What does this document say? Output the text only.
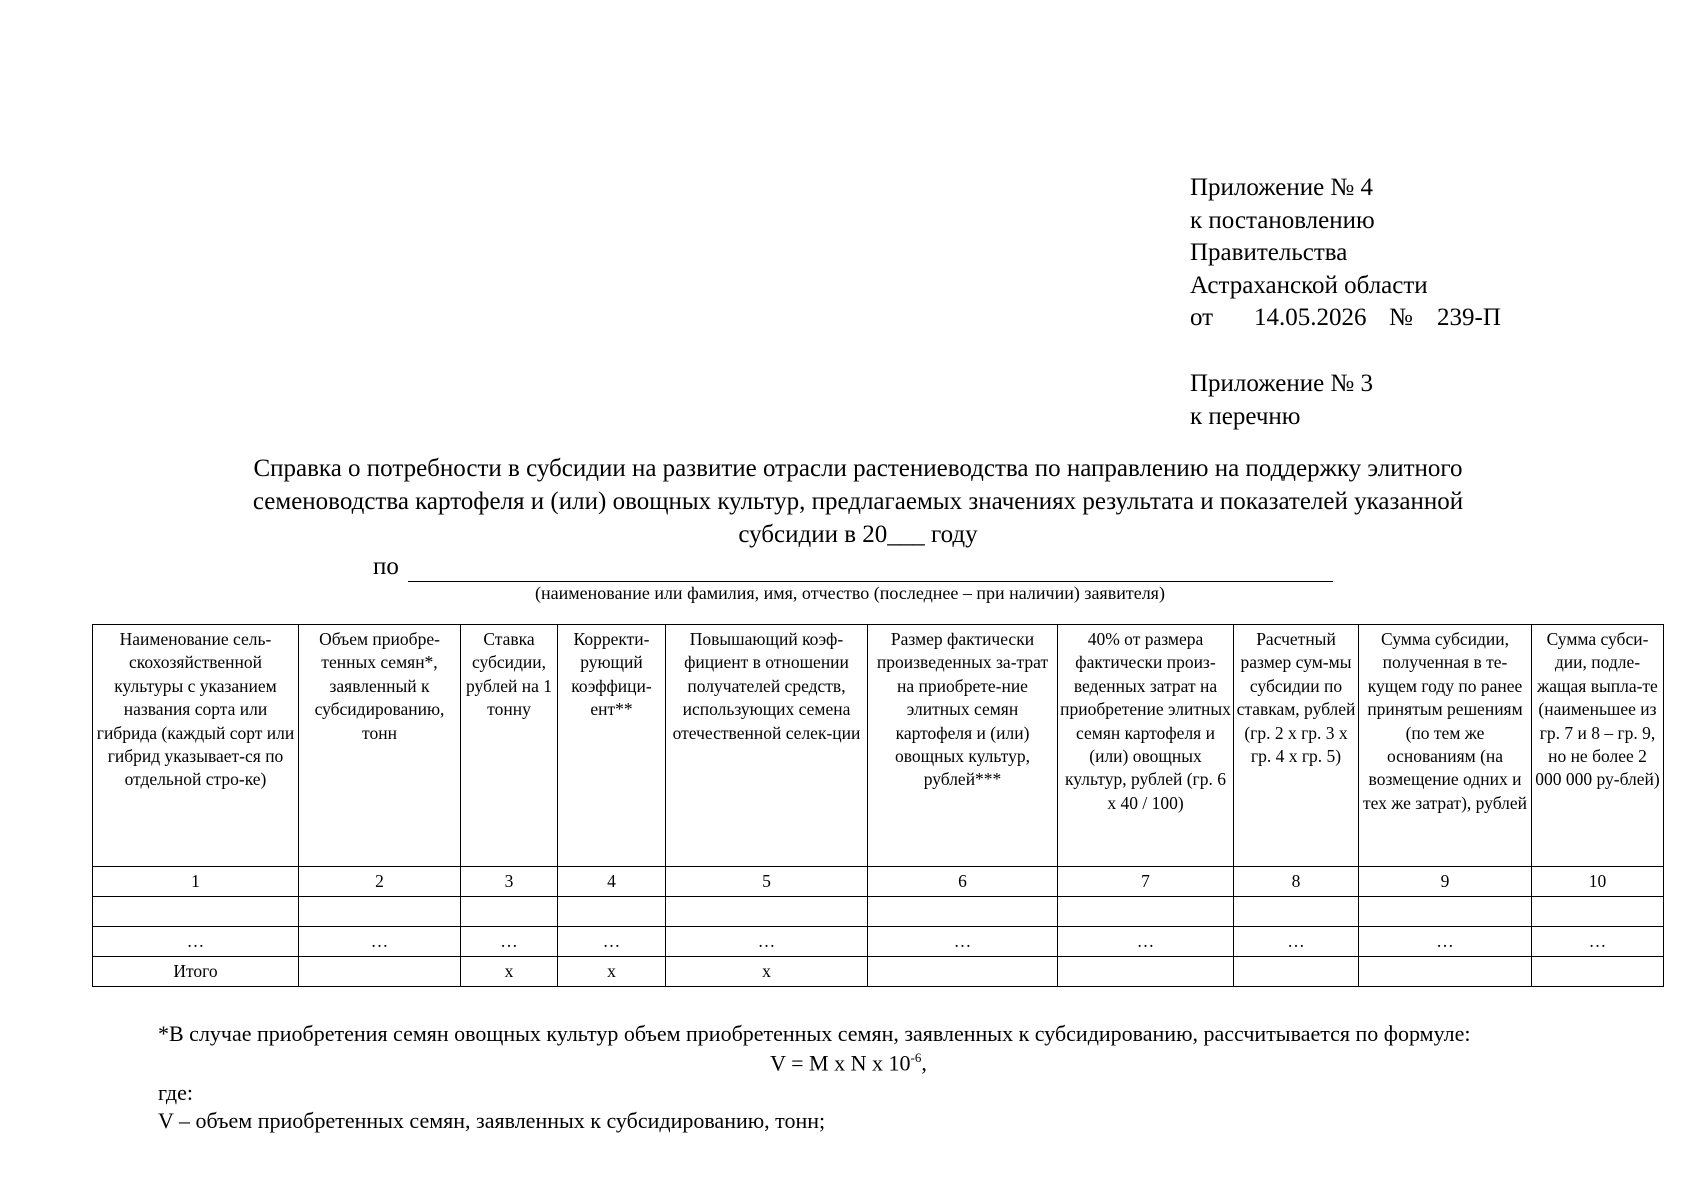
Приложение № 4
к постановлению
Правительства
Астраханской области
от 14.05.2026 № 239-П
Приложение № 3
к перечню
Справка о потребности в субсидии на развитие отрасли растениеводства по направлению на поддержку элитного
семеноводства картофеля и (или) овощных культур, предлагаемых значениях результата и показателей указанной
субсидии в 20___ году
по
(наименование или фамилия, имя, отчество (последнее – при наличии) заявителя)
Наименование сель-скохозяйственной культуры с указанием названия сорта или гибрида (каждый сорт или гибрид указывает-ся по отдельной стро-ке)	Объем приобре-тенных семян*, заявленный к субсидированию, тонн	Ставка субсидии, рублей на 1 тонну	Корректи-рующий коэффици-ент**	Повышающий коэф-фициент в отношении получателей средств, использующих семена отечественной селек-ции	Размер фактически произведенных за-трат на приобрете-ние элитных семян картофеля и (или) овощных культур, рублей***	40% от размера фактически произ-веденных затрат на приобретение элитных семян картофеля и (или) овощных культур, рублей (гр. 6 х 40 / 100)	Расчетный размер сум-мы субсидии по ставкам, рублей (гр. 2 х гр. 3 х гр. 4 х гр. 5)	Сумма субсидии, полученная в те-кущем году по ранее принятым решениям (по тем же основаниям (на возмещение одних и тех же затрат), рублей	Сумма субси-дии, подле-жащая выпла-те (наименьшее из гр. 7 и 8 – гр. 9, но не более 2 000 000 ру-блей)
1	2	3	4	5	6	7	8	9	10

…	…	…	…	…	…	…	…	…	…
Итого		х	х	х					
*В случае приобретения семян овощных культур объем приобретенных семян, заявленных к субсидированию, рассчитывается по формуле:
V = M х N х $10^{-6}$,
где:
V – объем приобретенных семян, заявленных к субсидированию, тонн;
